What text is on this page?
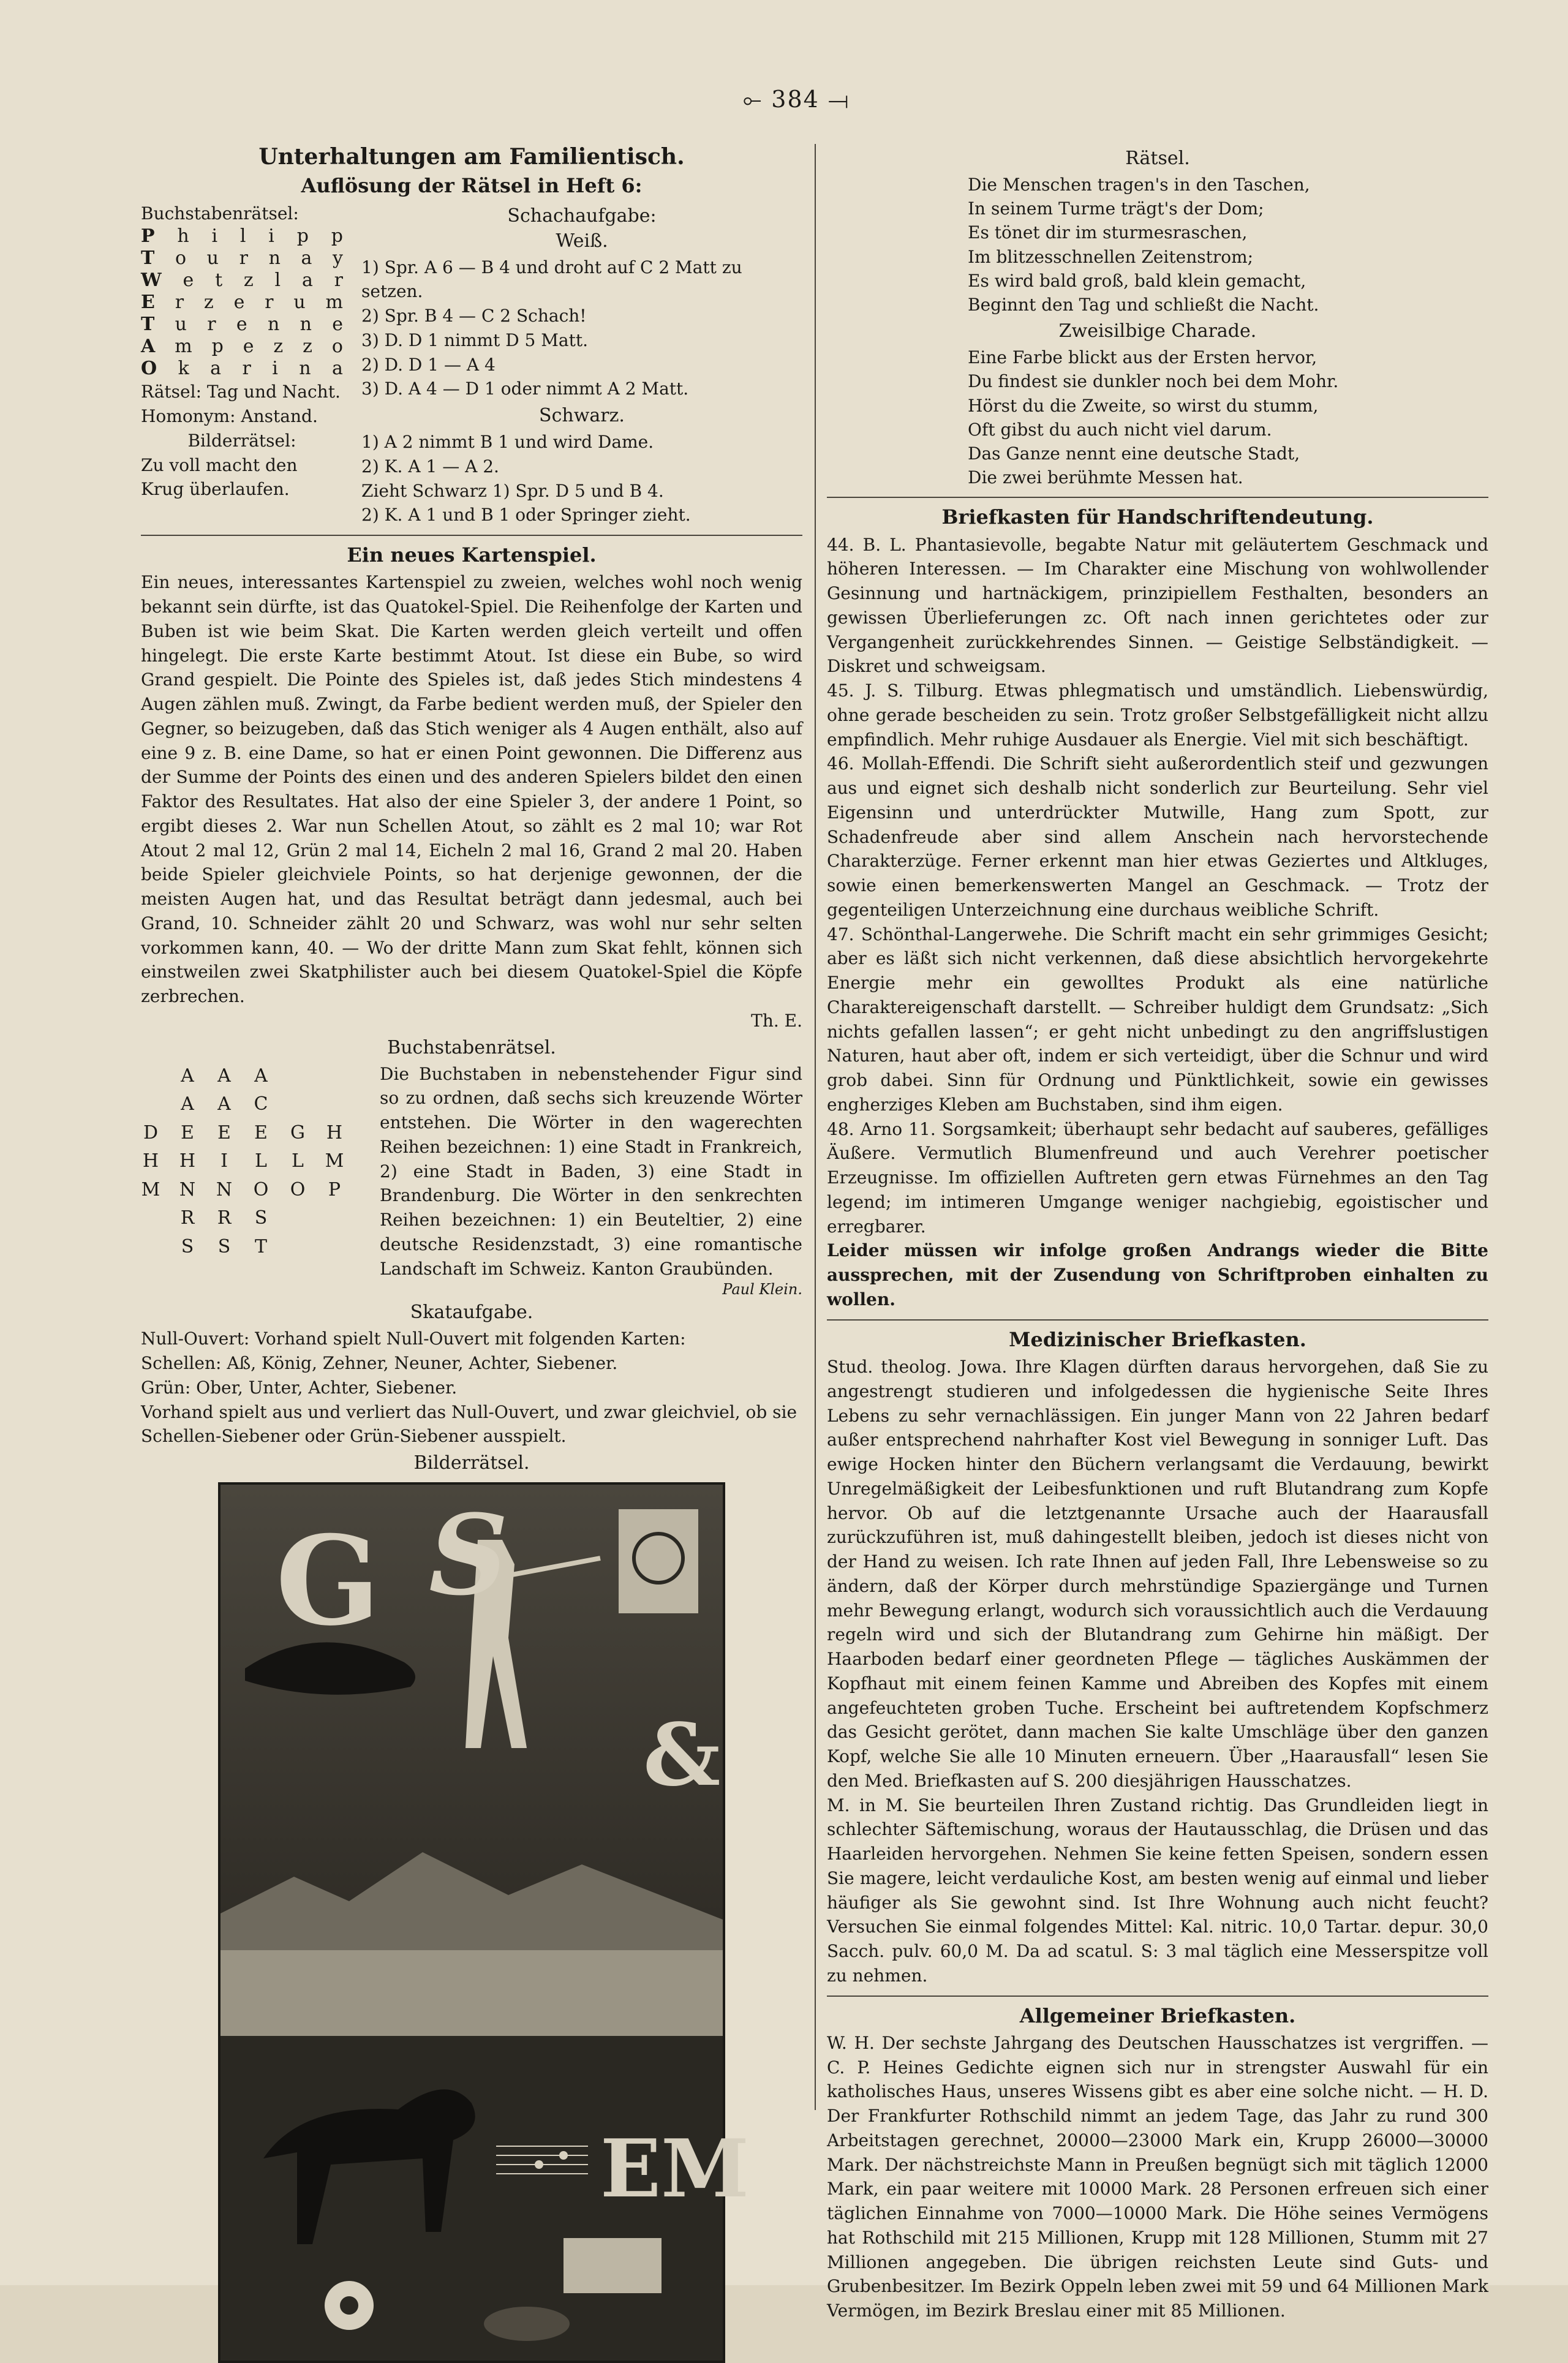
⟜ 384 ⟞
Unterhaltungen am Familientisch.
Auflösung der Rätsel in Heft 6:
Buchstabenrätsel:
P h i l i p p
T o u r n a y
W e t z l a r
E r z e r u m
T u r e n n e
A m p e z z o
O k a r i n a
Rätsel: Tag und Nacht.
Homonym: Anstand.
Bilderrätsel:
Zu voll macht den Krug überlaufen.
Schachaufgabe:
Weiß.
1) Spr. A 6 — B 4 und droht auf C 2 Matt zu setzen.
2) Spr. B 4 — C 2 Schach!
3) D. D 1 nimmt D 5 Matt.
2) D. D 1 — A 4
3) D. A 4 — D 1 oder nimmt A 2 Matt.
Schwarz.
1) A 2 nimmt B 1 und wird Dame.
2) K. A 1 — A 2.
Zieht Schwarz 1) Spr. D 5 und B 4.
2) K. A 1 und B 1 oder Springer zieht.
Ein neues Kartenspiel.

Ein neues, interessantes Kartenspiel zu zweien, welches wohl noch wenig bekannt sein dürfte, ist das Quatokel-Spiel. Die Reihenfolge der Karten und Buben ist wie beim Skat. Die Karten werden gleich verteilt und offen hingelegt. Die erste Karte bestimmt Atout. Ist diese ein Bube, so wird Grand gespielt. Die Pointe des Spieles ist, daß jedes Stich mindestens 4 Augen zählen muß. Zwingt, da Farbe bedient werden muß, der Spieler den Gegner, so beizugeben, daß das Stich weniger als 4 Augen enthält, also auf eine 9 z. B. eine Dame, so hat er einen Point gewonnen. Die Differenz aus der Summe der Points des einen und des anderen Spielers bildet den einen Faktor des Resultates. Hat also der eine Spieler 3, der andere 1 Point, so ergibt dieses 2. War nun Schellen Atout, so zählt es 2 mal 10; war Rot Atout 2 mal 12, Grün 2 mal 14, Eicheln 2 mal 16, Grand 2 mal 20. Haben beide Spieler gleichviele Points, so hat derjenige gewonnen, der die meisten Augen hat, und das Resultat beträgt dann jedesmal, auch bei Grand, 10. Schneider zählt 20 und Schwarz, was wohl nur sehr selten vorkommen kann, 40. — Wo der dritte Mann zum Skat fehlt, können sich einstweilen zwei Skatphilister auch bei diesem Quatokel-Spiel die Köpfe zerbrechen.

Th. E.
Buchstabenrätsel.
A A A
A A C
D E E E G H
H H	I	L L M
M N N O O P
R R S
S S T

Die Buchstaben in nebenstehender Figur sind so zu ordnen, daß sechs sich kreuzende Wörter entstehen. Die Wörter in den wagerechten Reihen bezeichnen: 1) eine Stadt in Frankreich, 2) eine Stadt in Baden, 3) eine Stadt in Brandenburg. Die Wörter in den senkrechten Reihen bezeichnen: 1) ein Beuteltier, 2) eine deutsche Residenzstadt, 3) eine romantische Landschaft im Schweiz. Kanton Graubünden.

Paul Klein.
Skataufgabe.
Null-Ouvert: Vorhand spielt Null-Ouvert mit folgenden Karten:
Schellen: Aß, König, Zehner, Neuner, Achter, Siebener.
Grün: Ober, Unter, Achter, Siebener.
Vorhand spielt aus und verliert das Null-Ouvert, und zwar gleichviel, ob sie Schellen-Siebener oder Grün-Siebener ausspielt.
Bilderrätsel.
G S
&
EM
Rätsel.
Die Menschen tragen's in den Taschen,
In seinem Turme trägt's der Dom;
Es tönet dir im sturmesraschen,
Im blitzesschnellen Zeitenstrom;
Es wird bald groß, bald klein gemacht,
Beginnt den Tag und schließt die Nacht.
Zweisilbige Charade.
Eine Farbe blickt aus der Ersten hervor,
Du findest sie dunkler noch bei dem Mohr.
Hörst du die Zweite, so wirst du stumm,
Oft gibst du auch nicht viel darum.
Das Ganze nennt eine deutsche Stadt,
Die zwei berühmte Messen hat.
Briefkasten für Handschriftendeutung.

44. B. L. Phantasievolle, begabte Natur mit geläutertem Geschmack und höheren Interessen. — Im Charakter eine Mischung von wohlwollender Gesinnung und hartnäckigem, prinzipiellem Festhalten, besonders an gewissen Überlieferungen zc. Oft nach innen gerichtetes oder zur Vergangenheit zurückkehrendes Sinnen. — Geistige Selbständigkeit. — Diskret und schweigsam.

45. J. S. Tilburg. Etwas phlegmatisch und umständlich. Liebenswürdig, ohne gerade bescheiden zu sein. Trotz großer Selbstgefälligkeit nicht allzu empfindlich. Mehr ruhige Ausdauer als Energie. Viel mit sich beschäftigt.

46. Mollah-Effendi. Die Schrift sieht außerordentlich steif und gezwungen aus und eignet sich deshalb nicht sonderlich zur Beurteilung. Sehr viel Eigensinn und unterdrückter Mutwille, Hang zum Spott, zur Schadenfreude aber sind allem Anschein nach hervorstechende Charakterzüge. Ferner erkennt man hier etwas Geziertes und Altkluges, sowie einen bemerkenswerten Mangel an Geschmack. — Trotz der gegenteiligen Unterzeichnung eine durchaus weibliche Schrift.

47. Schönthal-Langerwehe. Die Schrift macht ein sehr grimmiges Gesicht; aber es läßt sich nicht verkennen, daß diese absichtlich hervorgekehrte Energie mehr ein gewolltes Produkt als eine natürliche Charaktereigenschaft darstellt. — Schreiber huldigt dem Grundsatz: „Sich nichts gefallen lassen“; er geht nicht unbedingt zu den angriffslustigen Naturen, haut aber oft, indem er sich verteidigt, über die Schnur und wird grob dabei. Sinn für Ordnung und Pünktlichkeit, sowie ein gewisses engherziges Kleben am Buchstaben, sind ihm eigen.

48. Arno 11. Sorgsamkeit; überhaupt sehr bedacht auf sauberes, gefälliges Äußere. Vermutlich Blumenfreund und auch Verehrer poetischer Erzeugnisse. Im offiziellen Auftreten gern etwas Fürnehmes an den Tag legend; im intimeren Umgange weniger nachgiebig, egoistischer und erregbarer.

Leider müssen wir infolge großen Andrangs wieder die Bitte aussprechen, mit der Zusendung von Schriftproben einhalten zu wollen.

Medizinischer Briefkasten.

Stud. theolog. Jowa. Ihre Klagen dürften daraus hervorgehen, daß Sie zu angestrengt studieren und infolgedessen die hygienische Seite Ihres Lebens zu sehr vernachlässigen. Ein junger Mann von 22 Jahren bedarf außer entsprechend nahrhafter Kost viel Bewegung in sonniger Luft. Das ewige Hocken hinter den Büchern verlangsamt die Verdauung, bewirkt Unregelmäßigkeit der Leibesfunktionen und ruft Blutandrang zum Kopfe hervor. Ob auf die letztgenannte Ursache auch der Haarausfall zurückzuführen ist, muß dahingestellt bleiben, jedoch ist dieses nicht von der Hand zu weisen. Ich rate Ihnen auf jeden Fall, Ihre Lebensweise so zu ändern, daß der Körper durch mehrstündige Spaziergänge und Turnen mehr Bewegung erlangt, wodurch sich voraussichtlich auch die Verdauung regeln wird und sich der Blutandrang zum Gehirne hin mäßigt. Der Haarboden bedarf einer geordneten Pflege — tägliches Auskämmen der Kopfhaut mit einem feinen Kamme und Abreiben des Kopfes mit einem angefeuchteten groben Tuche. Erscheint bei auftretendem Kopfschmerz das Gesicht gerötet, dann machen Sie kalte Umschläge über den ganzen Kopf, welche Sie alle 10 Minuten erneuern. Über „Haarausfall“ lesen Sie den Med. Briefkasten auf S. 200 diesjährigen Hausschatzes.

M. in M. Sie beurteilen Ihren Zustand richtig. Das Grundleiden liegt in schlechter Säftemischung, woraus der Hautausschlag, die Drüsen und das Haarleiden hervorgehen. Nehmen Sie keine fetten Speisen, sondern essen Sie magere, leicht verdauliche Kost, am besten wenig auf einmal und lieber häufiger als Sie gewohnt sind. Ist Ihre Wohnung auch nicht feucht? Versuchen Sie einmal folgendes Mittel: Kal. nitric. 10,0 Tartar. depur. 30,0 Sacch. pulv. 60,0 M. Da ad scatul. S: 3 mal täglich eine Messerspitze voll zu nehmen.

Allgemeiner Briefkasten.

W. H. Der sechste Jahrgang des Deutschen Hausschatzes ist vergriffen. — C. P. Heines Gedichte eignen sich nur in strengster Auswahl für ein katholisches Haus, unseres Wissens gibt es aber eine solche nicht. — H. D. Der Frankfurter Rothschild nimmt an jedem Tage, das Jahr zu rund 300 Arbeitstagen gerechnet, 20000—23000 Mark ein, Krupp 26000—30000 Mark. Der nächstreichste Mann in Preußen begnügt sich mit täglich 12000 Mark, ein paar weitere mit 10000 Mark. 28 Personen erfreuen sich einer täglichen Einnahme von 7000—10000 Mark. Die Höhe seines Vermögens hat Rothschild mit 215 Millionen, Krupp mit 128 Millionen, Stumm mit 27 Millionen angegeben. Die übrigen reichsten Leute sind Guts- und Grubenbesitzer. Im Bezirk Oppeln leben zwei mit 59 und 64 Millionen Mark Vermögen, im Bezirk Breslau einer mit 85 Millionen.
